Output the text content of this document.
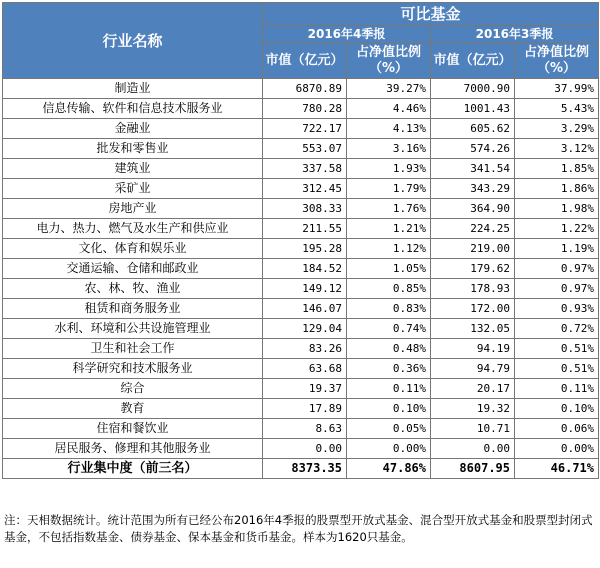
行业名称	可比基金			
	2016年4季报		2016年3季报	
	市值（亿元）	占净值比例（%）	市值（亿元）	占净值比例（%）
制造业	6870.89	39.27%	7000.90	37.99%
信息传输、软件和信息技术服务业	780.28	4.46%	1001.43	5.43%
金融业	722.17	4.13%	605.62	3.29%
批发和零售业	553.07	3.16%	574.26	3.12%
建筑业	337.58	1.93%	341.54	1.85%
采矿业	312.45	1.79%	343.29	1.86%
房地产业	308.33	1.76%	364.90	1.98%
电力、热力、燃气及水生产和供应业	211.55	1.21%	224.25	1.22%
文化、体育和娱乐业	195.28	1.12%	219.00	1.19%
交通运输、仓储和邮政业	184.52	1.05%	179.62	0.97%
农、林、牧、渔业	149.12	0.85%	178.93	0.97%
租赁和商务服务业	146.07	0.83%	172.00	0.93%
水利、环境和公共设施管理业	129.04	0.74%	132.05	0.72%
卫生和社会工作	83.26	0.48%	94.19	0.51%
科学研究和技术服务业	63.68	0.36%	94.79	0.51%
综合	19.37	0.11%	20.17	0.11%
教育	17.89	0.10%	19.32	0.10%
住宿和餐饮业	8.63	0.05%	10.71	0.06%
居民服务、修理和其他服务业	0.00	0.00%	0.00	0.00%
行业集中度（前三名）	8373.35	47.86%	8607.95	46.71%
注：天相数据统计。统计范围为所有已经公布2016年4季报的股票型开放式基金、混合型开放式基金和股票型封闭式基金，不包括指数基金、债券基金、保本基金和货币基金。样本为1620只基金。
